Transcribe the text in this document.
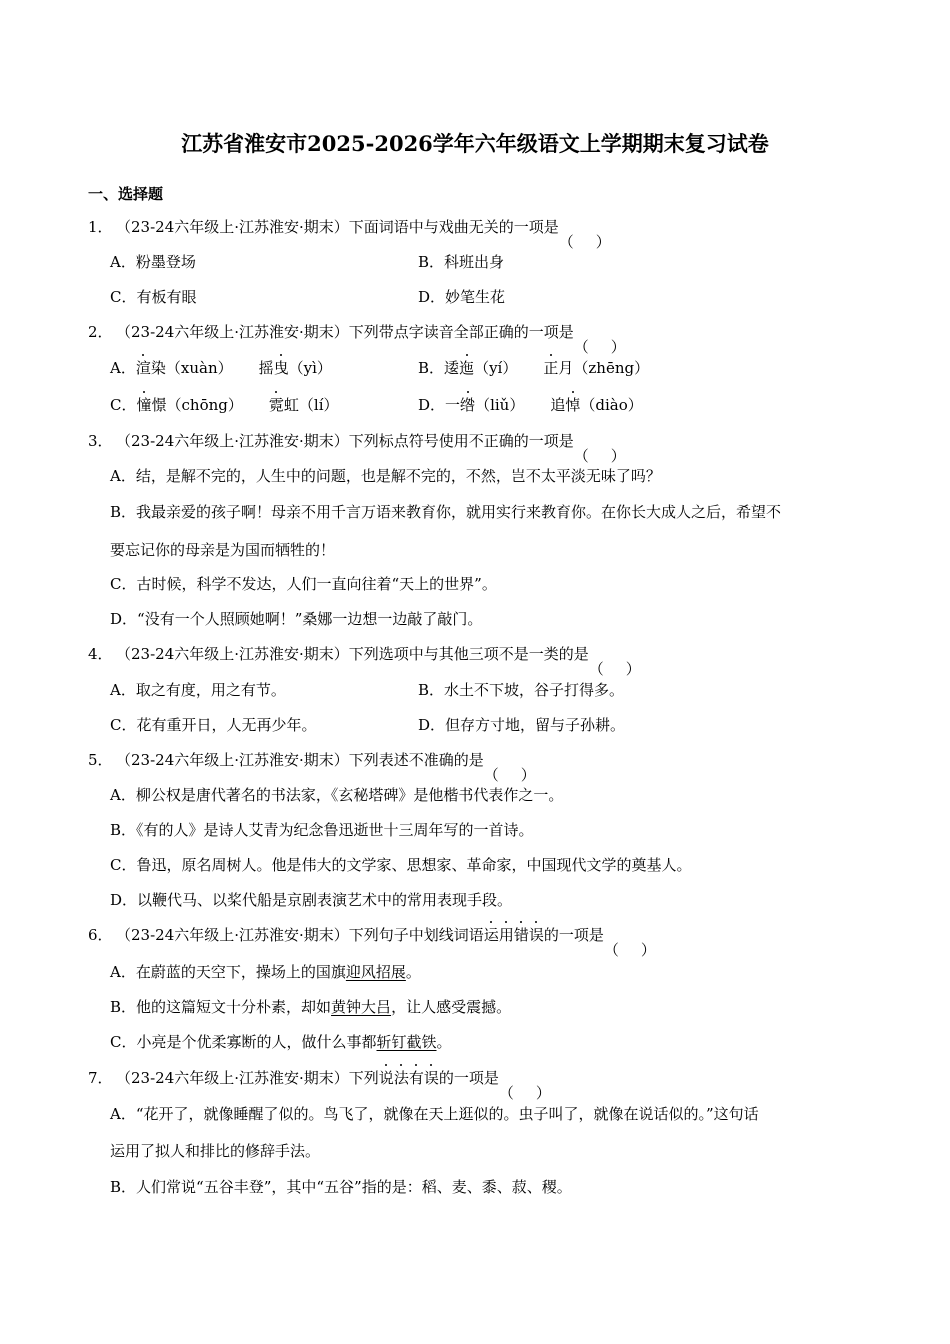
江苏省淮安市2025-2026学年六年级语文上学期期末复习试卷
一、选择题
1． （23-24六年级上·江苏淮安·期末）下面词语中与戏曲无关的一项是
（ ）
A．粉墨登场	B．科班出身
C．有板有眼	D．妙笔生花
2． （23-24六年级上·江苏淮安·期末）下列带点字读音全部正确的一项是
（ ）
A．渲染（xuàn） 摇曳（yì）	B．逶迤（yí） 正月（zhēng）
C．憧憬（chōng） 霓虹（lí）	D．一绺（liǔ） 追悼（diào）
3． （23-24六年级上·江苏淮安·期末）下列标点符号使用不正确的一项是
（ ）
A．结，是解不完的，人生中的问题，也是解不完的，不然，岂不太平淡无味了吗？
B．我最亲爱的孩子啊！母亲不用千言万语来教育你，就用实行来教育你。在你长大成人之后，希望不
要忘记你的母亲是为国而牺牲的！
C．古时候，科学不发达，人们一直向往着“天上的世界”。
D．“没有一个人照顾她啊！”桑娜一边想一边敲了敲门。
4． （23-24六年级上·江苏淮安·期末）下列选项中与其他三项不是一类的是
（ ）
A．取之有度，用之有节。	B．水土不下坡，谷子打得多。
C．花有重开日，人无再少年。	D．但存方寸地，留与子孙耕。
5． （23-24六年级上·江苏淮安·期末）下列表述不准确的是
（ ）
A．柳公权是唐代著名的书法家，《玄秘塔碑》是他楷书代表作之一。
B．《有的人》是诗人艾青为纪念鲁迅逝世十三周年写的一首诗。
C．鲁迅，原名周树人。他是伟大的文学家、思想家、革命家，中国现代文学的奠基人。
D．以鞭代马、以桨代船是京剧表演艺术中的常用表现手段。
6． （23-24六年级上·江苏淮安·期末）下列句子中划线词语运用错误的一项是
（ ）
A．在蔚蓝的天空下，操场上的国旗迎风招展。
B．他的这篇短文十分朴素，却如黄钟大吕，让人感受震撼。
C．小亮是个优柔寡断的人，做什么事都斩钉截铁。
7． （23-24六年级上·江苏淮安·期末）下列说法有误的一项是
（ ）
A．“花开了，就像睡醒了似的。鸟飞了，就像在天上逛似的。虫子叫了，就像在说话似的。”这句话
运用了拟人和排比的修辞手法。
B．人们常说“五谷丰登”，其中“五谷”指的是：稻、麦、黍、菽、稷。
